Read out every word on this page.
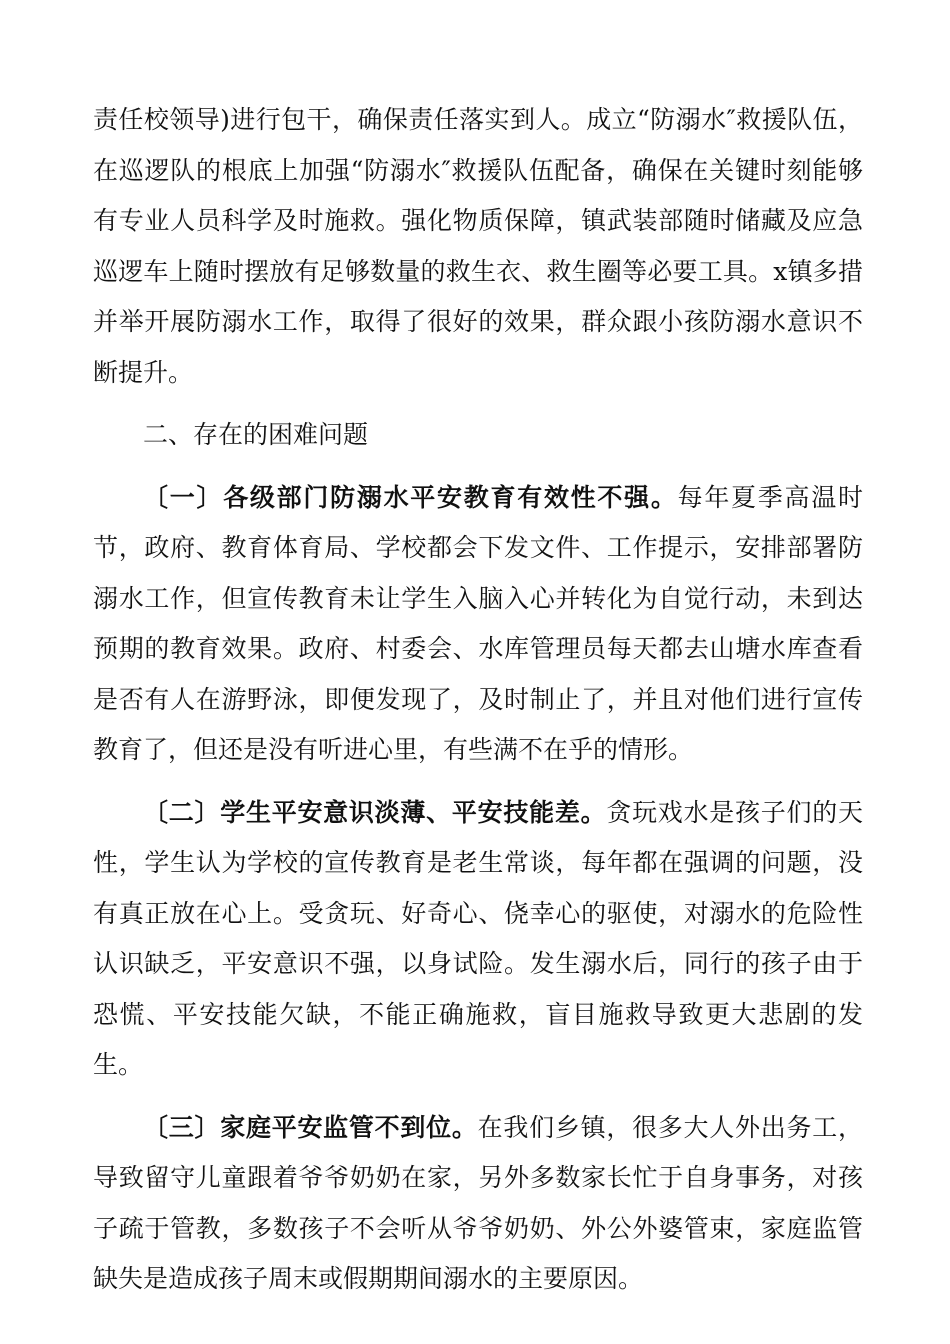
责任校领导)进行包干，确保责任落实到人。成立“防溺水″救援队伍，在巡逻队的根底上加强“防溺水″救援队伍配备，确保在关键时刻能够有专业人员科学及时施救。强化物质保障，镇武装部随时储藏及应急巡逻车上随时摆放有足够数量的救生衣、救生圈等必要工具。x镇多措并举开展防溺水工作，取得了很好的效果，群众跟小孩防溺水意识不断提升。

二、存在的困难问题

〔一〕各级部门防溺水平安教育有效性不强。每年夏季高温时节，政府、教育体育局、学校都会下发文件、工作提示，安排部署防溺水工作，但宣传教育未让学生入脑入心并转化为自觉行动，未到达预期的教育效果。政府、村委会、水库管理员每天都去山塘水库查看是否有人在游野泳，即便发现了，及时制止了，并且对他们进行宣传教育了，但还是没有听进心里，有些满不在乎的情形。

〔二〕学生平安意识淡薄、平安技能差。贪玩戏水是孩子们的天性，学生认为学校的宣传教育是老生常谈，每年都在强调的问题，没有真正放在心上。受贪玩、好奇心、侥幸心的驱使，对溺水的危险性认识缺乏，平安意识不强，以身试险。发生溺水后，同行的孩子由于恐慌、平安技能欠缺，不能正确施救，盲目施救导致更大悲剧的发生。

〔三〕家庭平安监管不到位。在我们乡镇，很多大人外出务工，导致留守儿童跟着爷爷奶奶在家，另外多数家长忙于自身事务，对孩子疏于管教，多数孩子不会听从爷爷奶奶、外公外婆管束，家庭监管缺失是造成孩子周末或假期期间溺水的主要原因。
